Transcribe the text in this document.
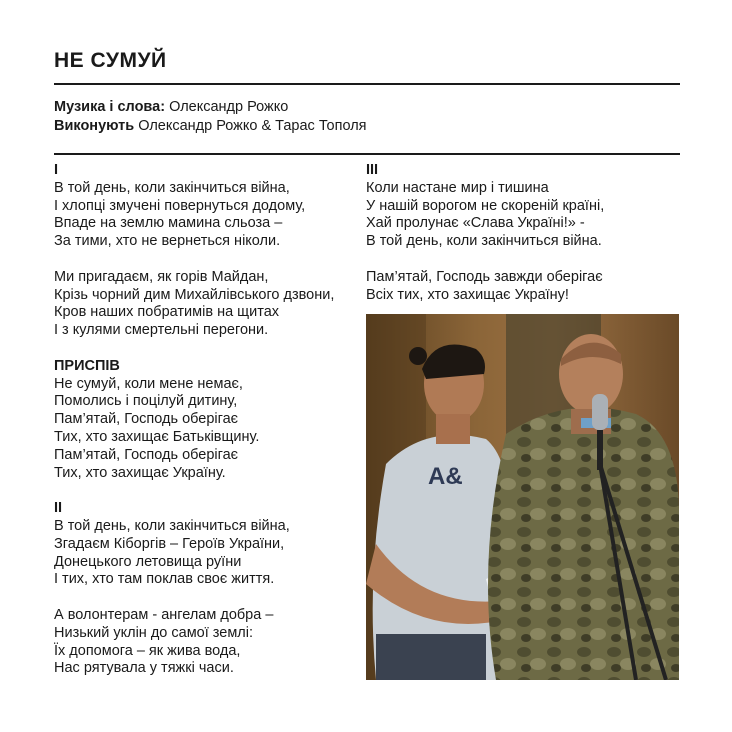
НЕ СУМУЙ
Музика і слова: Олександр Рожко
Виконують Олександр Рожко & Тарас Тополя
I
В той день, коли закінчиться війна,
І хлопці змучені повернуться додому,
Впаде на землю мамина сльоза –
За тими, хто не вернеться ніколи.
Ми пригадаєм, як горів Майдан,
Крізь чорний дим Михайлівського дзвони,
Кров наших побратимів на щитах
І з кулями смертельні перегони.
ПРИСПІВ
Не сумуй, коли мене немає,
Помолись і поцілуй дитину,
Пам’ятай, Господь оберігає
Тих, хто захищає Батьківщину.
Пам’ятай, Господь оберігає
Тих, хто захищає Україну.
II
В той день, коли закінчиться війна,
Згадаєм Кіборгів – Героїв України,
Донецького летовища руїни
І тих, хто там поклав своє життя.
А волонтерам - ангелам добра –
Низький уклін до самої землі:
Їх допомога – як жива вода,
Нас рятувала у тяжкі часи.
III
Коли настане мир і тишина
У нашій ворогом не скореній країні,
Хай пролунає «Слава Україні!» -
В той день, коли закінчиться війна.
Пам’ятай, Господь завжди оберігає
Всіх тих, хто захищає Україну!
A&
